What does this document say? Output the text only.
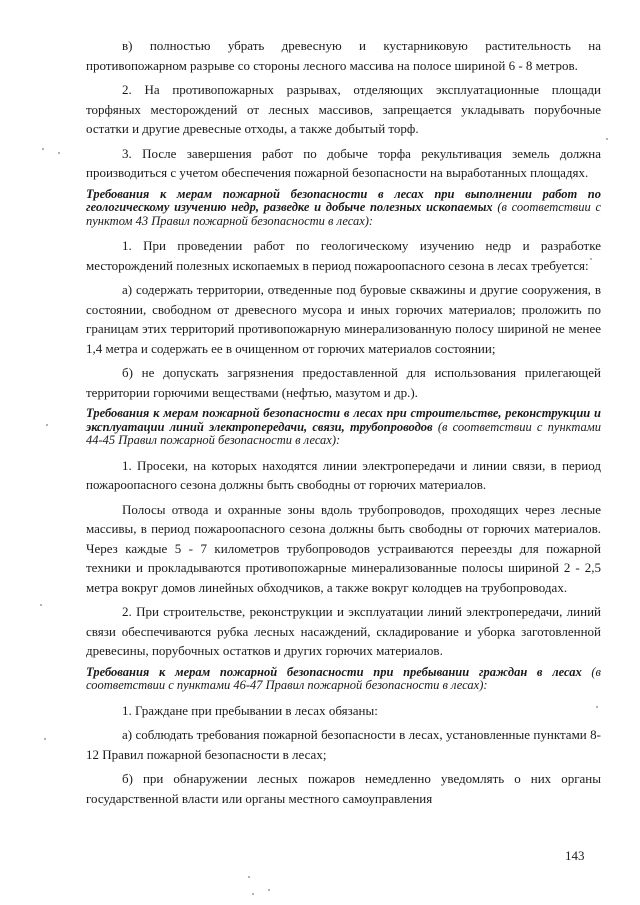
в) полностью убрать древесную и кустарниковую растительность на противопожарном разрыве со стороны лесного массива на полосе шириной 6 - 8 метров.

2. На противопожарных разрывах, отделяющих эксплуатационные площади торфяных месторождений от лесных массивов, запрещается укладывать порубочные остатки и другие древесные отходы, а также добытый торф.

3. После завершения работ по добыче торфа рекультивация земель должна производиться с учетом обеспечения пожарной безопасности на выработанных площадях.

Требования к мерам пожарной безопасности в лесах при выполнении работ по геологическому изучению недр, разведке и добыче полезных ископаемых (в соответствии с пунктом 43 Правил пожарной безопасности в лесах):

1. При проведении работ по геологическому изучению недр и разработке месторождений полезных ископаемых в период пожароопасного сезона в лесах требуется:

а) содержать территории, отведенные под буровые скважины и другие сооружения, в состоянии, свободном от древесного мусора и иных горючих материалов; проложить по границам этих территорий противопожарную минерализованную полосу шириной не менее 1,4 метра и содержать ее в очищенном от горючих материалов состоянии;

б) не допускать загрязнения предоставленной для использования прилегающей территории горючими веществами (нефтью, мазутом и др.).

Требования к мерам пожарной безопасности в лесах при строительстве, реконструкции и эксплуатации линий электропередачи, связи, трубопроводов (в соответствии с пунктами 44-45 Правил пожарной безопасности в лесах):

1. Просеки, на которых находятся линии электропередачи и линии связи, в период пожароопасного сезона должны быть свободны от горючих материалов.

Полосы отвода и охранные зоны вдоль трубопроводов, проходящих через лесные массивы, в период пожароопасного сезона должны быть свободны от горючих материалов. Через каждые 5 - 7 километров трубопроводов устраиваются переезды для пожарной техники и прокладываются противопожарные минерализованные полосы шириной 2 - 2,5 метра вокруг домов линейных обходчиков, а также вокруг колодцев на трубопроводах.

2. При строительстве, реконструкции и эксплуатации линий электропередачи, линий связи обеспечиваются рубка лесных насаждений, складирование и уборка заготовленной древесины, порубочных остатков и других горючих материалов.

Требования к мерам пожарной безопасности при пребывании граждан в лесах (в соответствии с пунктами 46-47 Правил пожарной безопасности в лесах):

1. Граждане при пребывании в лесах обязаны:

а) соблюдать требования пожарной безопасности в лесах, установленные пунктами 8-12 Правил пожарной безопасности в лесах;

б) при обнаружении лесных пожаров немедленно уведомлять о них органы государственной власти или органы местного самоуправления

143
